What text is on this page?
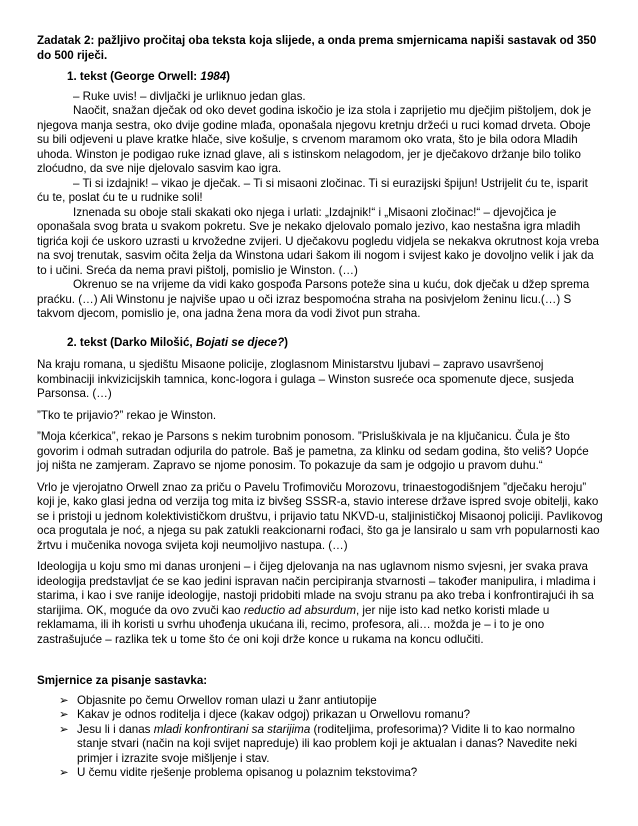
Zadatak 2: pažljivo pročitaj oba teksta koja slijede, a onda prema smjernicama napiši sastavak od 350 do 500 riječi.

1. tekst (George Orwell: 1984)

– Ruke uvis! – divljački je urliknuo jedan glas.

Naočit, snažan dječak od oko devet godina iskočio je iza stola i zaprijetio mu dječjim pištoljem, dok je njegova manja sestra, oko dvije godine mlađa, oponašala njegovu kretnju držeći u ruci komad drveta. Oboje su bili odjeveni u plave kratke hlače, sive košulje, s crvenom maramom oko vrata, što je bila odora Mladih uhoda. Winston je podigao ruke iznad glave, ali s istinskom nelagodom, jer je dječakovo držanje bilo toliko zloćudno, da sve nije djelovalo sasvim kao igra.

– Ti si izdajnik! – vikao je dječak. – Ti si misaoni zločinac. Ti si eurazijski špijun! Ustrijelit ću te, isparit ću te, poslat ću te u rudnike soli!

Iznenada su oboje stali skakati oko njega i urlati: „Izdajnik!“ i „Misaoni zločinac!“ – djevojčica je oponašala svog brata u svakom pokretu. Sve je nekako djelovalo pomalo jezivo, kao nestašna igra mladih tigrića koji će uskoro uzrasti u krvožedne zvijeri. U dječakovu pogledu vidjela se nekakva okrutnost koja vreba na svoj trenutak, sasvim očita želja da Winstona udari šakom ili nogom i svijest kako je dovoljno velik i jak da to i učini. Sreća da nema pravi pištolj, pomislio je Winston. (…)

Okrenuo se na vrijeme da vidi kako gospođa Parsons poteže sina u kuću, dok dječak u džep sprema praćku. (…) Ali Winstonu je najviše upao u oči izraz bespomoćna straha na posivjelom ženinu licu.(…) S takvom djecom, pomislio je, ona jadna žena mora da vodi život pun straha.

2. tekst (Darko Milošić, Bojati se djece?)

Na kraju romana, u sjedištu Misaone policije, zloglasnom Ministarstvu ljubavi – zapravo usavršenoj kombinaciji inkvizicijskih tamnica, konc-logora i gulaga – Winston susreće oca spomenute djece, susjeda Parsonsa. (…)

”Tko te prijavio?” rekao je Winston.

”Moja kćerkica”, rekao je Parsons s nekim turobnim ponosom. ”Prisluškivala je na ključanicu. Čula je što govorim i odmah sutradan odjurila do patrole. Baš je pametna, za klinku od sedam godina, što veliš? Uopće joj ništa ne zamjeram. Zapravo se njome ponosim. To pokazuje da sam je odgojio u pravom duhu.“

Vrlo je vjerojatno Orwell znao za priču o Pavelu Trofimoviču Morozovu, trinaestogodišnjem ”dječaku heroju” koji je, kako glasi jedna od verzija tog mita iz bivšeg SSSR-a, stavio interese države ispred svoje obitelji, kako se i pristoji u jednom kolektivističkom društvu, i prijavio tatu NKVD-u, staljinističkoj Misaonoj policiji. Pavlikovog oca progutala je noć, a njega su pak zatukli reakcionarni rođaci, što ga je lansiralo u sam vrh popularnosti kao žrtvu i mučenika novoga svijeta koji neumoljivo nastupa. (…)

Ideologija u koju smo mi danas uronjeni – i čijeg djelovanja na nas uglavnom nismo svjesni, jer svaka prava ideologija predstavljat će se kao jedini ispravan način percipiranja stvarnosti – također manipulira, i mladima i starima, i kao i sve ranije ideologije, nastoji pridobiti mlade na svoju stranu pa ako treba i konfrontirajući ih sa starijima. OK, moguće da ovo zvuči kao reductio ad absurdum, jer nije isto kad netko koristi mlade u reklamama, ili ih koristi u svrhu uhođenja ukućana ili, recimo, profesora, ali… možda je – i to je ono zastrašujuće – razlika tek u tome što će oni koji drže konce u rukama na koncu odlučiti.

Smjernice za pisanje sastavka:

➢ Objasnite po čemu Orwellov roman ulazi u žanr antiutopije
➢ Kakav je odnos roditelja i djece (kakav odgoj) prikazan u Orwellovu romanu?
➢ Jesu li i danas mladi konfrontirani sa starijima (roditeljima, profesorima)? Vidite li to kao normalno stanje stvari (način na koji svijet napreduje) ili kao problem koji je aktualan i danas? Navedite neki primjer i izrazite svoje mišljenje i stav.
➢ U čemu vidite rješenje problema opisanog u polaznim tekstovima?
